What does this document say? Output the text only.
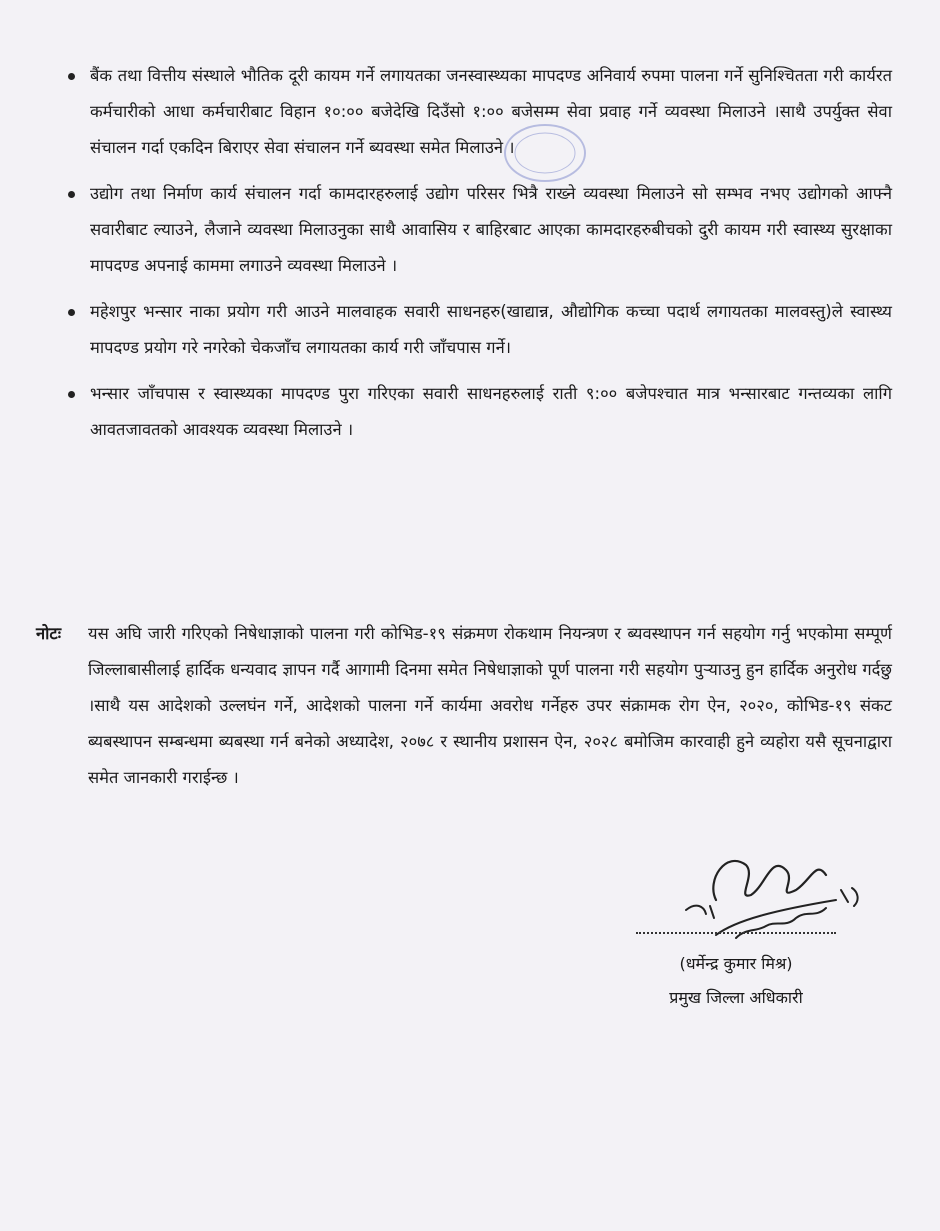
बैंक तथा वित्तीय संस्थाले भौतिक दूरी कायम गर्ने लगायतका जनस्वास्थ्यका मापदण्ड अनिवार्य रुपमा पालना गर्ने सुनिश्चितता गरी कार्यरत कर्मचारीको आधा कर्मचारीबाट विहान १०:०० बजेदेखि दिउँसो १:०० बजेसम्म सेवा प्रवाह गर्ने व्यवस्था मिलाउने ।साथै उपर्युक्त सेवा संचालन गर्दा एकदिन बिराएर सेवा संचालन गर्ने ब्यवस्था समेत मिलाउने ।
उद्योग तथा निर्माण कार्य संचालन गर्दा कामदारहरुलाई उद्योग परिसर भित्रै राख्ने व्यवस्था मिलाउने सो सम्भव नभए उद्योगको आफ्नै सवारीबाट ल्याउने, लैजाने व्यवस्था मिलाउनुका साथै आवासिय र बाहिरबाट आएका कामदारहरुबीचको दुरी कायम गरी स्वास्थ्य सुरक्षाका मापदण्ड अपनाई काममा लगाउने व्यवस्था मिलाउने ।
महेशपुर भन्सार नाका प्रयोग गरी आउने मालवाहक सवारी साधनहरु(खाद्यान्न, औद्योगिक कच्चा पदार्थ लगायतका मालवस्तु)ले स्वास्थ्य मापदण्ड प्रयोग गरे नगरेको चेकजाँच लगायतका कार्य गरी जाँचपास गर्ने।
भन्सार जाँचपास र स्वास्थ्यका मापदण्ड पुरा गरिएका सवारी साधनहरुलाई राती ९:०० बजेपश्चात मात्र भन्सारबाट गन्तव्यका लागि आवतजावतको आवश्यक व्यवस्था मिलाउने ।
नोटः यस अघि जारी गरिएको निषेधाज्ञाको पालना गरी कोभिड-१९ संक्रमण रोकथाम नियन्त्रण र ब्यवस्थापन गर्न सहयोग गर्नु भएकोमा सम्पूर्ण जिल्लाबासीलाई हार्दिक धन्यवाद ज्ञापन गर्दै आगामी दिनमा समेत निषेधाज्ञाको पूर्ण पालना गरी सहयोग पुर्‍याउनु हुन हार्दिक अनुरोध गर्दछु ।साथै यस आदेशको उल्लघंन गर्ने, आदेशको पालना गर्ने कार्यमा अवरोध गर्नेहरु उपर संक्रामक रोग ऐन, २०२०, कोभिड-१९ संकट ब्यबस्थापन सम्बन्धमा ब्यबस्था गर्न बनेको अध्यादेश, २०७८ र स्थानीय प्रशासन ऐन, २०२८ बमोजिम कारवाही हुने व्यहोरा यसै सूचनाद्वारा समेत जानकारी गराईन्छ ।
(धर्मेन्द्र कुमार मिश्र)
प्रमुख जिल्ला अधिकारी
